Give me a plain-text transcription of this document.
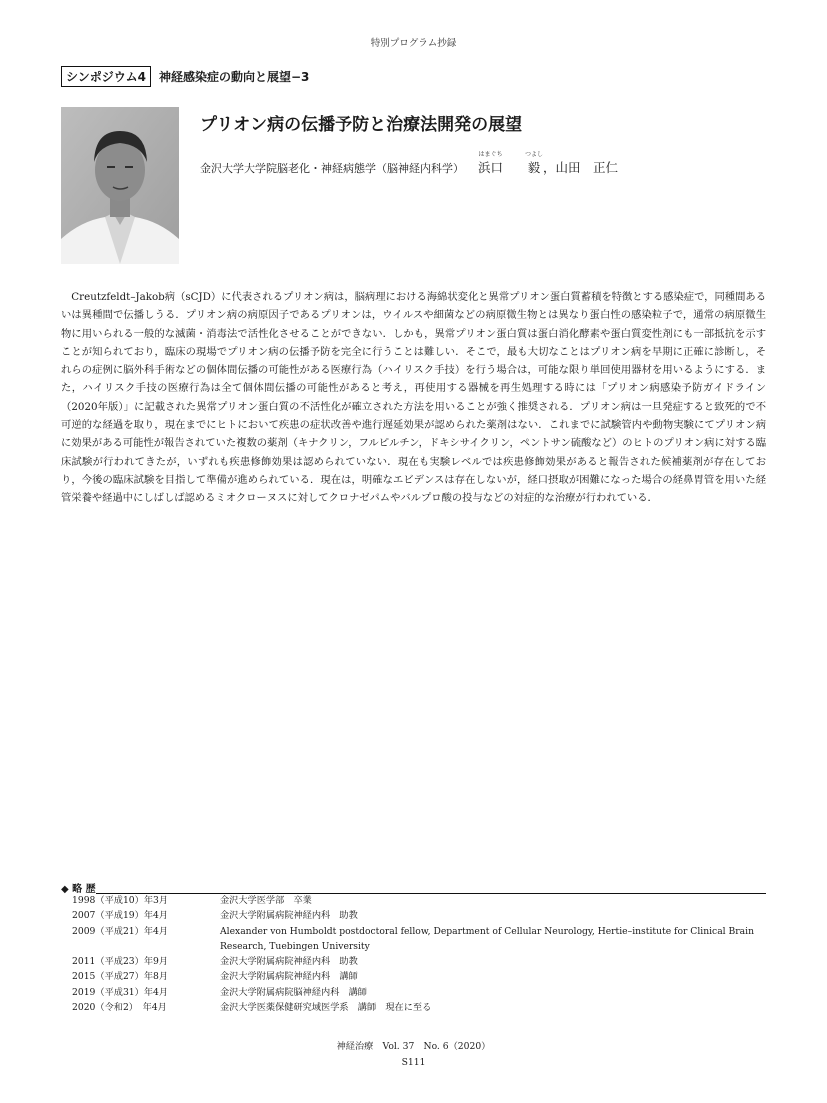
特別プログラム抄録
シンポジウム4	神経感染症の動向と展望−3
プリオン病の伝播予防と治療法開発の展望
金沢大学大学院脳老化・神経病態学（脳神経内科学）
はまぐち
浜口
つよし
毅 ， 山田　正仁
Creutzfeldt–Jakob病（sCJD）に代表されるプリオン病は，脳病理における海綿状変化と異常プリオン蛋白質蓄積を特徴とする感染症で，同種間あるいは異種間で伝播しうる．プリオン病の病原因子であるプリオンは，ウイルスや細菌などの病原微生物とは異なり蛋白性の感染粒子で，通常の病原微生物に用いられる一般的な滅菌・消毒法で活性化させることができない．しかも，異常プリオン蛋白質は蛋白消化酵素や蛋白質変性剤にも一部抵抗を示すことが知られており，臨床の現場でプリオン病の伝播予防を完全に行うことは難しい．そこで，最も大切なことはプリオン病を早期に正確に診断し，それらの症例に脳外科手術などの個体間伝播の可能性がある医療行為（ハイリスク手技）を行う場合は，可能な限り単回使用器材を用いるようにする．また，ハイリスク手技の医療行為は全て個体間伝播の可能性があると考え，再使用する器械を再生処理する時には「プリオン病感染予防ガイドライン（2020年版）」に記載された異常プリオン蛋白質の不活性化が確立された方法を用いることが強く推奨される．プリオン病は一旦発症すると致死的で不可逆的な経過を取り，現在までにヒトにおいて疾患の症状改善や進行遅延効果が認められた薬剤はない．これまでに試験管内や動物実験にてプリオン病に効果がある可能性が報告されていた複数の薬剤（キナクリン，フルピルチン，ドキシサイクリン，ペントサン硫酸など）のヒトのプリオン病に対する臨床試験が行われてきたが，いずれも疾患修飾効果は認められていない．現在も実験レベルでは疾患修飾効果があると報告された候補薬剤が存在しており，今後の臨床試験を目指して準備が進められている．現在は，明確なエビデンスは存在しないが，経口摂取が困難になった場合の経鼻胃管を用いた経管栄養や経過中にしばしば認めるミオクローヌスに対してクロナゼパムやバルプロ酸の投与などの対症的な治療が行われている．
◆ 略 歴
1998（平成10）年3月	金沢大学医学部　卒業
2007（平成19）年4月	金沢大学附属病院神経内科　助教
2009（平成21）年4月	Alexander von Humboldt postdoctoral fellow, Department of Cellular Neurology, Hertie–institute for Clinical Brain Research, Tuebingen University
2011（平成23）年9月	金沢大学附属病院神経内科　助教
2015（平成27）年8月	金沢大学附属病院神経内科　講師
2019（平成31）年4月	金沢大学附属病院脳神経内科　講師
2020（令和2）　年4月	金沢大学医薬保健研究域医学系　講師　現在に至る
神経治療　Vol. 37　No. 6（2020）
S111
